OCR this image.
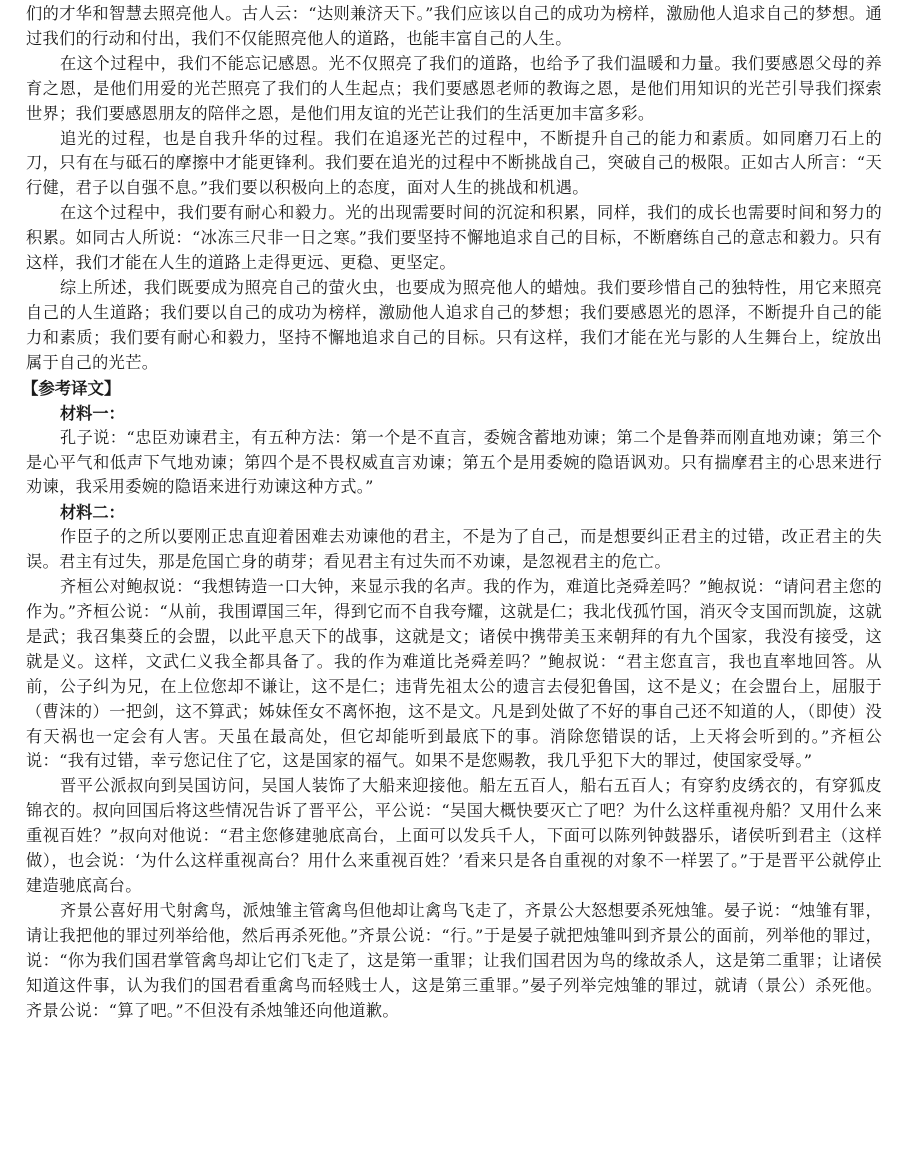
们的才华和智慧去照亮他人。古人云：“达则兼济天下。”我们应该以自己的成功为榜样，激励他人追求自己的梦想。通过我们的行动和付出，我们不仅能照亮他人的道路，也能丰富自己的人生。

在这个过程中，我们不能忘记感恩。光不仅照亮了我们的道路，也给予了我们温暖和力量。我们要感恩父母的养育之恩，是他们用爱的光芒照亮了我们的人生起点；我们要感恩老师的教诲之恩，是他们用知识的光芒引导我们探索世界；我们要感恩朋友的陪伴之恩，是他们用友谊的光芒让我们的生活更加丰富多彩。

追光的过程，也是自我升华的过程。我们在追逐光芒的过程中，不断提升自己的能力和素质。如同磨刀石上的刀，只有在与砥石的摩擦中才能更锋利。我们要在追光的过程中不断挑战自己，突破自己的极限。正如古人所言：“天行健，君子以自强不息。”我们要以积极向上的态度，面对人生的挑战和机遇。

在这个过程中，我们要有耐心和毅力。光的出现需要时间的沉淀和积累，同样，我们的成长也需要时间和努力的积累。如同古人所说：“冰冻三尺非一日之寒。”我们要坚持不懈地追求自己的目标，不断磨练自己的意志和毅力。只有这样，我们才能在人生的道路上走得更远、更稳、更坚定。

综上所述，我们既要成为照亮自己的萤火虫，也要成为照亮他人的蜡烛。我们要珍惜自己的独特性，用它来照亮自己的人生道路；我们要以自己的成功为榜样，激励他人追求自己的梦想；我们要感恩光的恩泽，不断提升自己的能力和素质；我们要有耐心和毅力，坚持不懈地追求自己的目标。只有这样，我们才能在光与影的人生舞台上，绽放出属于自己的光芒。

【参考译文】

材料一：

孔子说：“忠臣劝谏君主，有五种方法：第一个是不直言，委婉含蓄地劝谏；第二个是鲁莽而刚直地劝谏；第三个是心平气和低声下气地劝谏；第四个是不畏权威直言劝谏；第五个是用委婉的隐语讽劝。只有揣摩君主的心思来进行劝谏，我采用委婉的隐语来进行劝谏这种方式。”

材料二：

作臣子的之所以要刚正忠直迎着困难去劝谏他的君主，不是为了自己，而是想要纠正君主的过错，改正君主的失误。君主有过失，那是危国亡身的萌芽；看见君主有过失而不劝谏，是忽视君主的危亡。

齐桓公对鲍叔说：“我想铸造一口大钟，来显示我的名声。我的作为，难道比尧舜差吗？”鲍叔说：“请问君主您的作为。”齐桓公说：“从前，我围谭国三年，得到它而不自我夸耀，这就是仁；我北伐孤竹国，消灭令支国而凯旋，这就是武；我召集葵丘的会盟，以此平息天下的战事，这就是文；诸侯中携带美玉来朝拜的有九个国家，我没有接受，这就是义。这样，文武仁义我全都具备了。我的作为难道比尧舜差吗？”鲍叔说：“君主您直言，我也直率地回答。从前，公子纠为兄，在上位您却不谦让，这不是仁；违背先祖太公的遗言去侵犯鲁国，这不是义；在会盟台上，屈服于（曹沫的）一把剑，这不算武；姊妹侄女不离怀抱，这不是文。凡是到处做了不好的事自己还不知道的人，（即使）没有天祸也一定会有人害。天虽在最高处，但它却能听到最底下的事。消除您错误的话，上天将会听到的。”齐桓公说：“我有过错，幸亏您记住了它，这是国家的福气。如果不是您赐教，我几乎犯下大的罪过，使国家受辱。”

晋平公派叔向到吴国访问，吴国人装饰了大船来迎接他。船左五百人，船右五百人；有穿豹皮绣衣的，有穿狐皮锦衣的。叔向回国后将这些情况告诉了晋平公，平公说：“吴国大概快要灭亡了吧？为什么这样重视舟船？又用什么来重视百姓？”叔向对他说：“君主您修建驰底高台，上面可以发兵千人，下面可以陈列钟鼓器乐，诸侯听到君主（这样做），也会说：‘为什么这样重视高台？用什么来重视百姓？’看来只是各自重视的对象不一样罢了。”于是晋平公就停止建造驰底高台。

齐景公喜好用弋射禽鸟，派烛雏主管禽鸟但他却让禽鸟飞走了，齐景公大怒想要杀死烛雏。晏子说：“烛雏有罪，请让我把他的罪过列举给他，然后再杀死他。”齐景公说：“行。”于是晏子就把烛雏叫到齐景公的面前，列举他的罪过，说：“你为我们国君掌管禽鸟却让它们飞走了，这是第一重罪；让我们国君因为鸟的缘故杀人，这是第二重罪；让诸侯知道这件事，认为我们的国君看重禽鸟而轻贱士人，这是第三重罪。”晏子列举完烛雏的罪过，就请（景公）杀死他。齐景公说：“算了吧。”不但没有杀烛雏还向他道歉。
